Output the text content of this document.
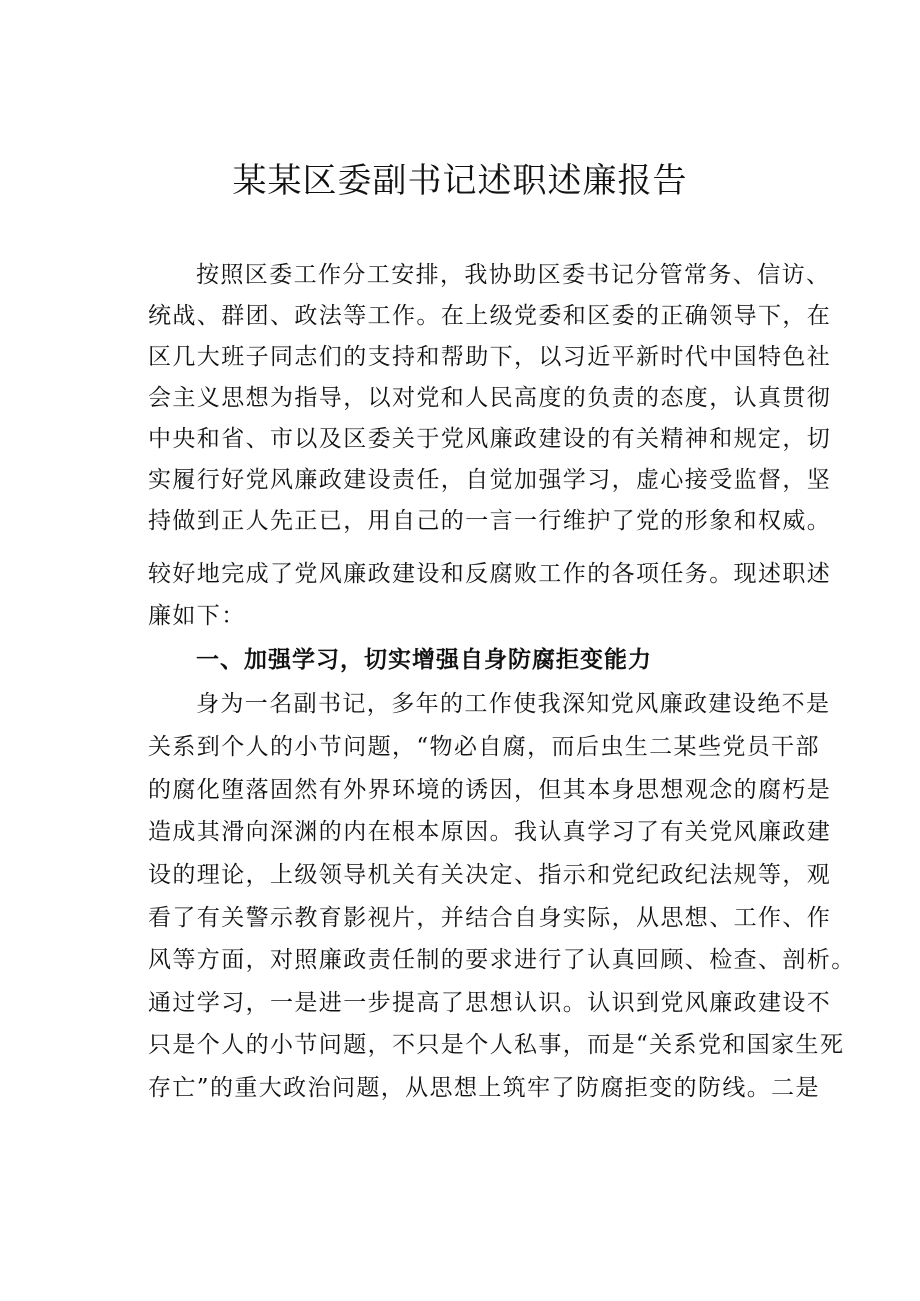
某某区委副书记述职述廉报告
按照区委工作分工安排，我协助区委书记分管常务、信访、
统战、群团、政法等工作。在上级党委和区委的正确领导下，在
区几大班子同志们的支持和帮助下，以习近平新时代中国特色社
会主义思想为指导，以对党和人民高度的负责的态度，认真贯彻
中央和省、市以及区委关于党风廉政建设的有关精神和规定，切
实履行好党风廉政建设责任，自觉加强学习，虚心接受监督，坚
持做到正人先正已，用自己的一言一行维护了党的形象和权威。
较好地完成了党风廉政建设和反腐败工作的各项任务。现述职述
廉如下：
一、加强学习，切实增强自身防腐拒变能力
身为一名副书记，多年的工作使我深知党风廉政建设绝不是
关系到个人的小节问题，“物必自腐，而后虫生二某些党员干部
的腐化堕落固然有外界环境的诱因，但其本身思想观念的腐朽是
造成其滑向深渊的内在根本原因。我认真学习了有关党风廉政建
设的理论，上级领导机关有关决定、指示和党纪政纪法规等，观
看了有关警示教育影视片，并结合自身实际，从思想、工作、作
风等方面，对照廉政责任制的要求进行了认真回顾、检查、剖析。
通过学习，一是进一步提高了思想认识。认识到党风廉政建设不
只是个人的小节问题，不只是个人私事，而是“关系党和国家生死
存亡”的重大政治问题，从思想上筑牢了防腐拒变的防线。二是
